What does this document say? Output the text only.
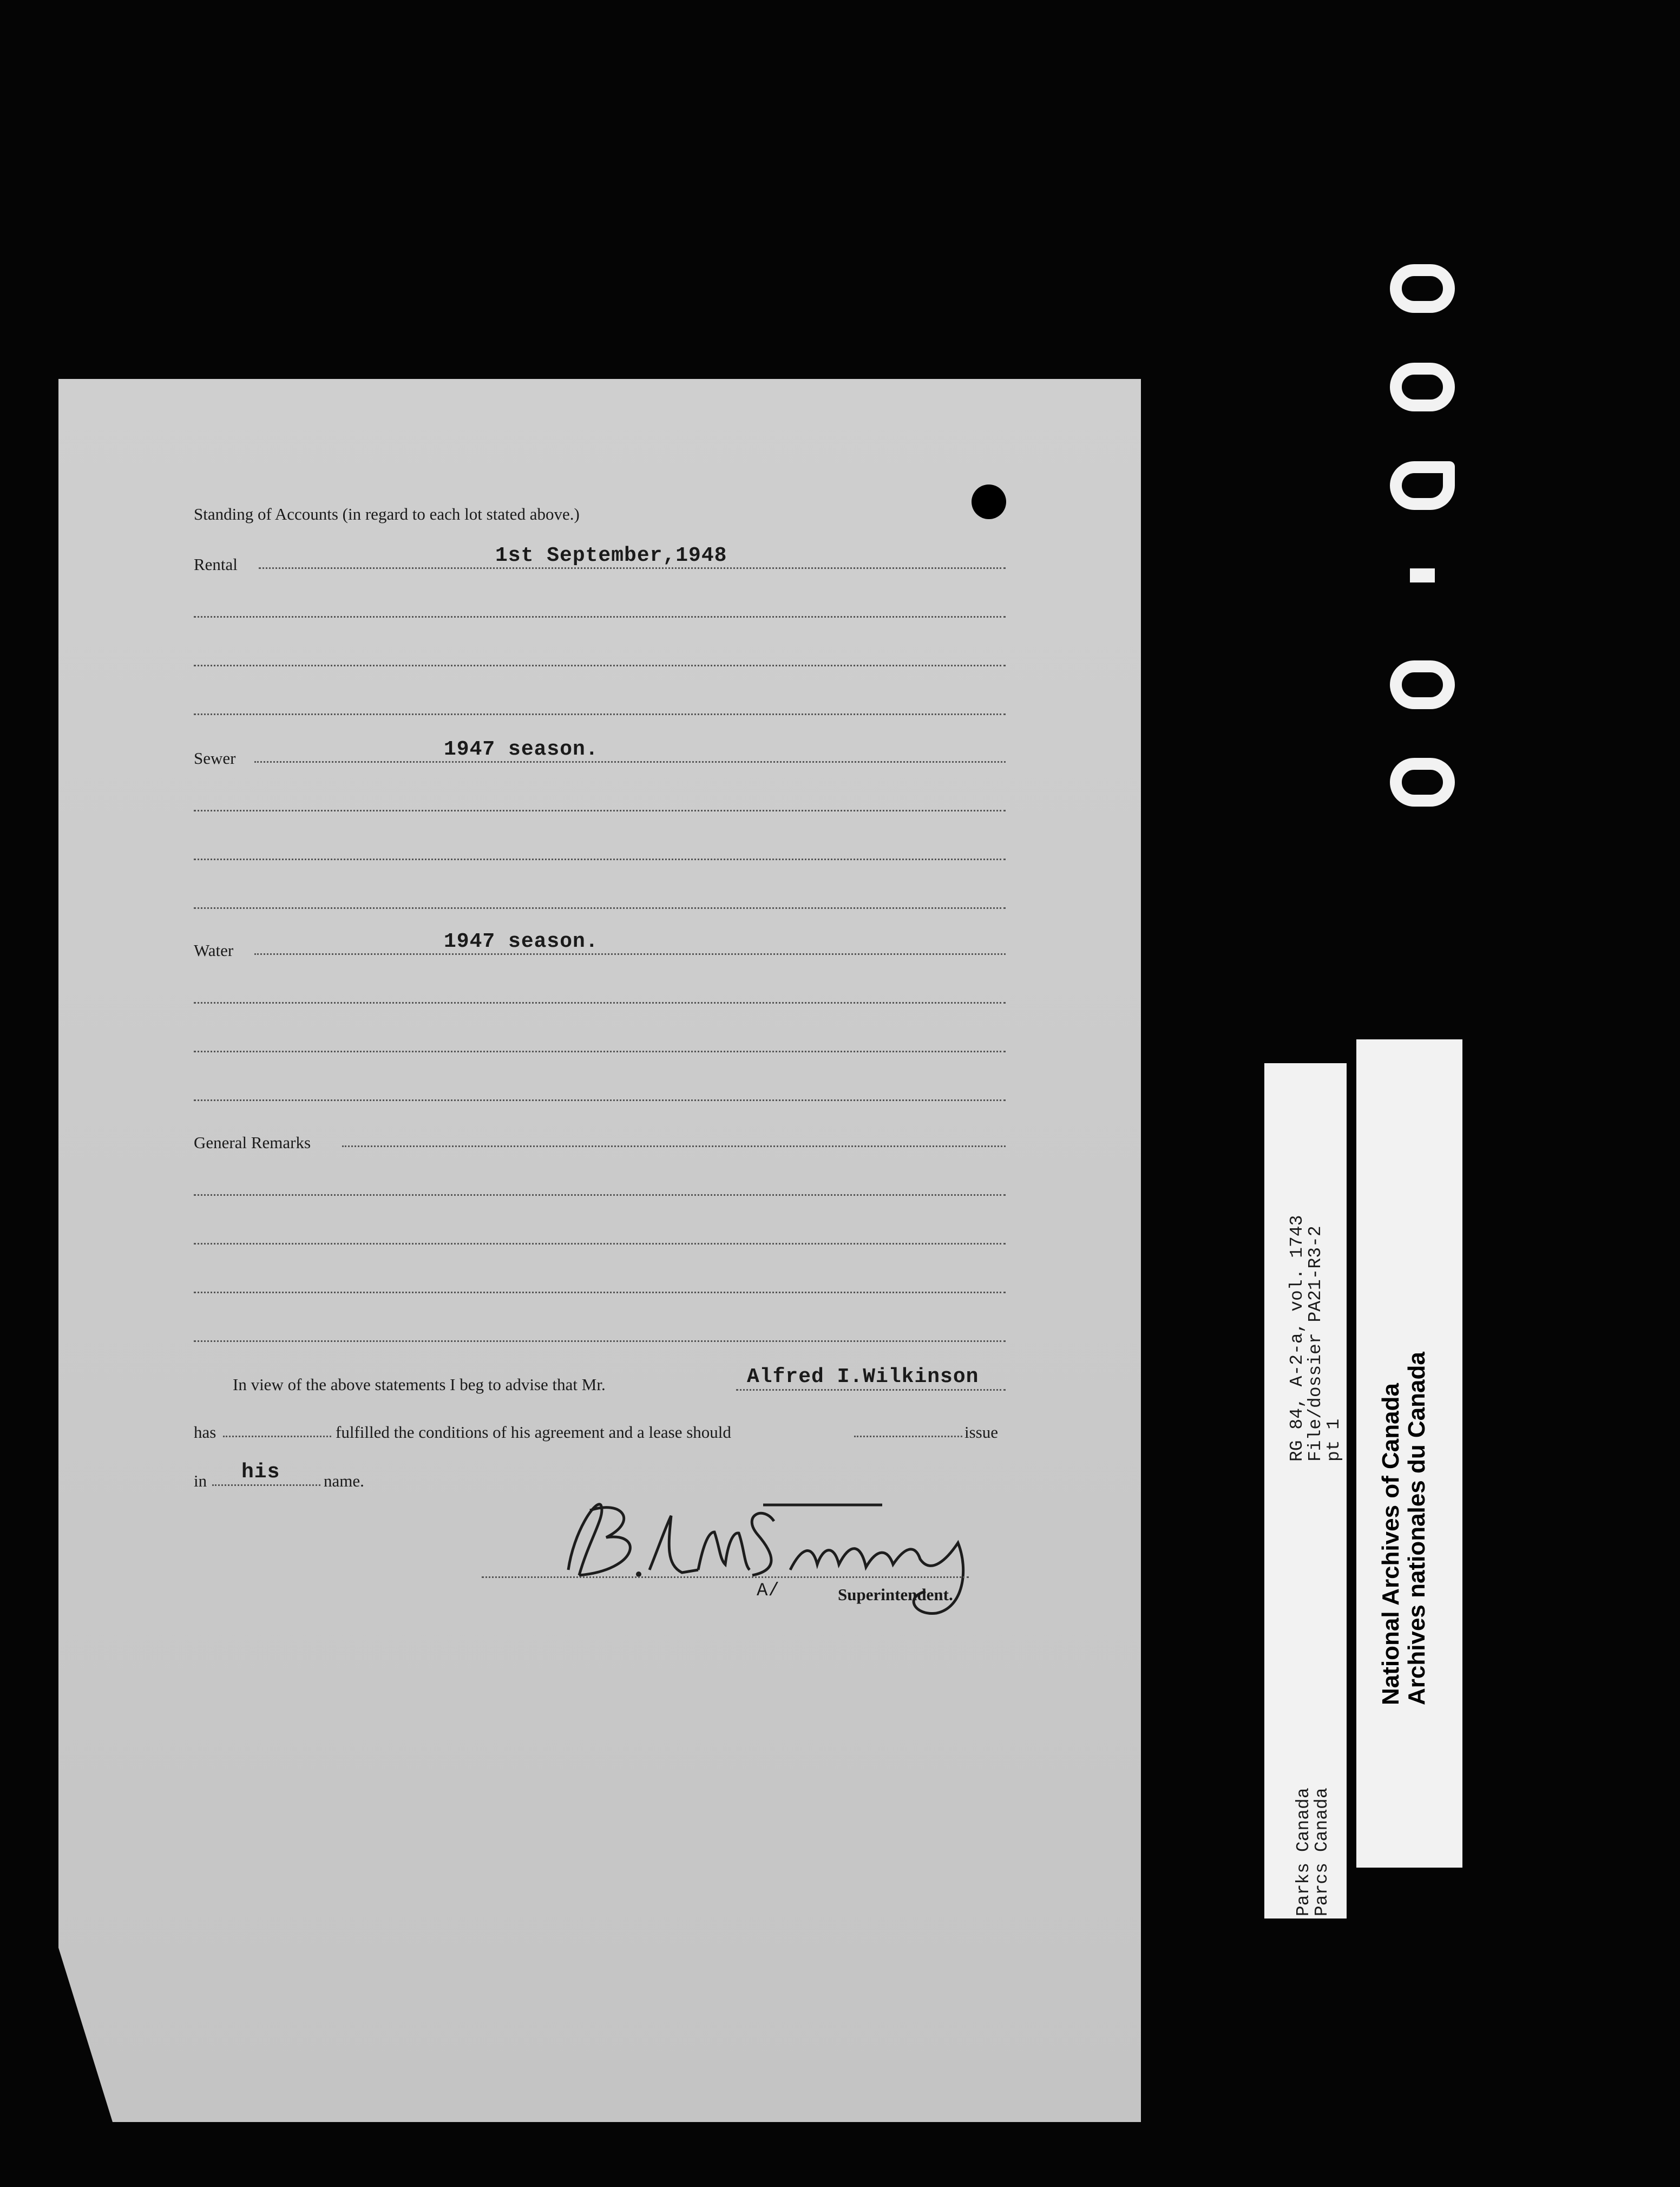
Standing of Accounts (in regard to each lot stated above.)
Rental	1st September,1948
Sewer	1947 season.
Water	1947 season.
General Remarks
In view of the above statements I beg to advise that Mr.	Alfred I.Wilkinson
has	fulfilled the conditions of his agreement and a lease should	issue
in his	name.
A/	Superintendent.
RG 84, A-2-a, vol. 1743
File/dossier PA21-R3-2
pt 1
Parks Canada
Parcs Canada
National Archives of Canada Archives nationales du Canada
